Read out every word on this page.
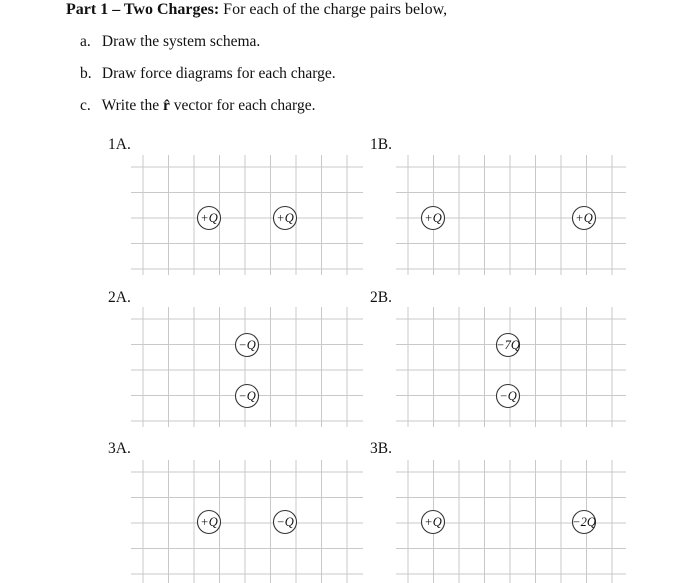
Part 1 – Two Charges: For each of the charge pairs below,
a. Draw the system schema.
b. Draw force diagrams for each charge.
c. Write the r̂ vector for each charge.
1A.	1B.
2A.	2B.
3A.	3B.
+Q	+Q	+Q	+Q
−Q
−Q
−7Q
−Q
+Q	−Q	+Q	−2Q
